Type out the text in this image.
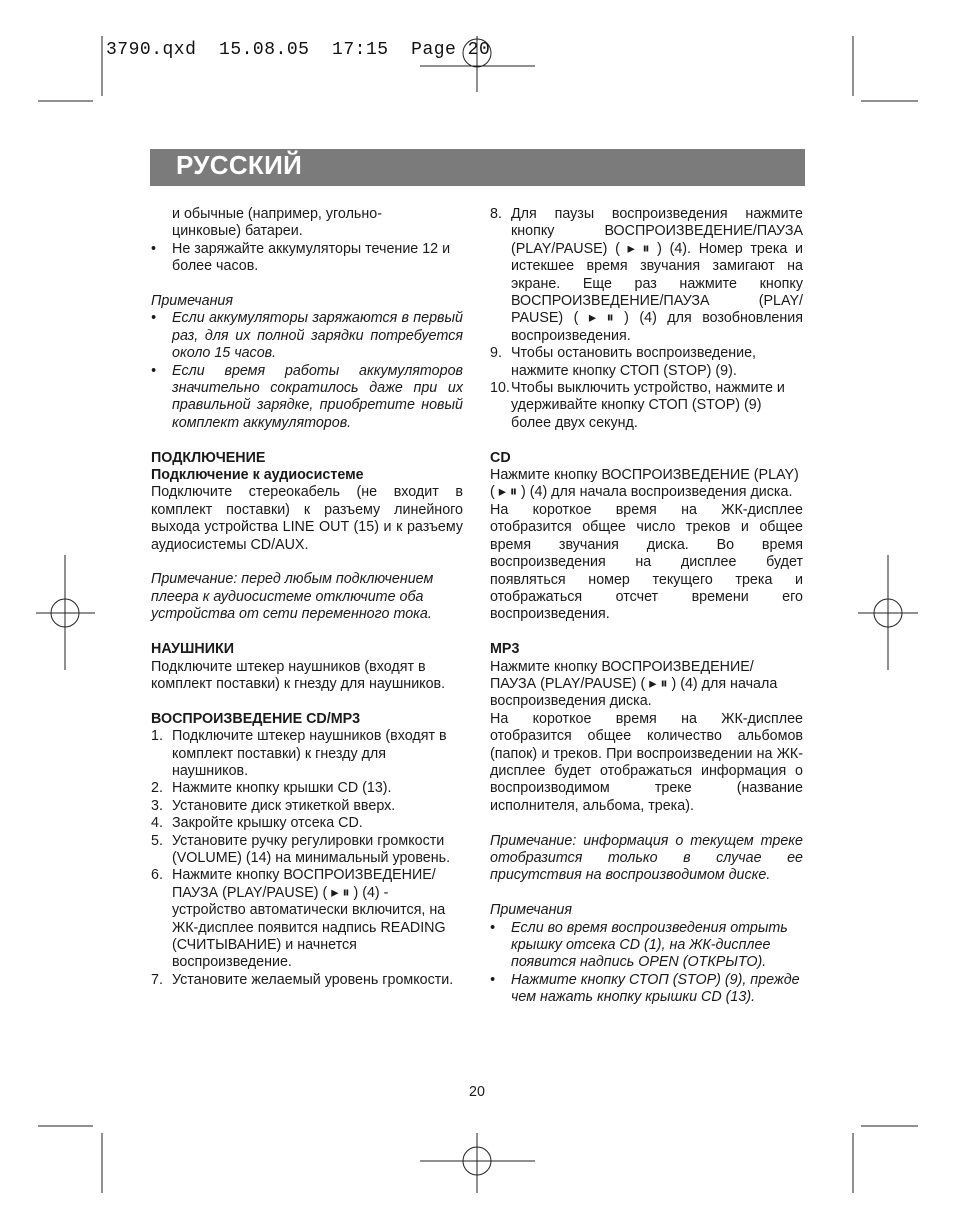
3790.qxd  15.08.05  17:15  Page 20
РУССКИЙ
и обычные (например, угольно-
цинковые) батареи.
•	Не заряжайте аккумуляторы течение 12 и более часов.

Примечания

•	Если аккумуляторы заряжаются в первый раз, для их полной зарядки потребуется около 15 часов.
•	Если время работы аккумуляторов значительно сократилось даже при их правильной зарядке, приобретите новый комплект аккумуляторов.

ПОДКЛЮЧЕНИЕ

Подключение к аудиосистеме

Подключите стереокабель (не входит в комплект поставки) к разъему линейного выхода устройства LINE OUT (15) и к разъему аудиосистемы CD/AUX.

Примечание: перед любым подключением плеера к аудиосистеме отключите оба устройства от сети переменного тока.

НАУШНИКИ

Подключите штекер наушников (входят в комплект поставки) к гнезду для наушников.

ВОСПРОИЗВЕДЕНИЕ CD/MP3

1. Подключите штекер наушников (входят в комплект поставки) к гнезду для наушников.
2. Нажмите кнопку крышки CD (13).
3. Установите диск этикеткой вверх.
4. Закройте крышку отсека CD.
5. Установите ручку регулировки громкости (VOLUME) (14) на минимальный уровень.
6. Нажмите кнопку ВОСПРОИЗВЕДЕНИЕ/ ПАУЗА (PLAY/PAUSE) ( ▸ ⏸ ) (4) - устройство автоматически включится, на ЖК-дисплее появится надпись READING (СЧИТЫВАНИЕ) и начнется воспроизведение.
7. Установите желаемый уровень громкости.
8. Для паузы воспроизведения нажмите кнопку ВОСПРОИЗВЕДЕНИЕ/ПАУЗА (PLAY/PAUSE) ( ▸ ⏸ ) (4). Номер трека и истекшее время звучания замигают на экране. Еще раз нажмите кнопку ВОСПРОИЗВЕДЕНИЕ/ПАУЗА (PLAY/ PAUSE) ( ▸ ⏸ ) (4) для возобновления воспроизведения.
9. Чтобы остановить воспроизведение, нажмите кнопку СТОП (STOP) (9).
10. Чтобы выключить устройство, нажмите и удерживайте кнопку СТОП (STOP) (9) более двух секунд.

CD

Нажмите кнопку ВОСПРОИЗВЕДЕНИЕ (PLAY) ( ▸ ⏸ ) (4) для начала воспроизведения диска.

На короткое время на ЖК-дисплее отобразится общее число треков и общее время звучания диска. Во время воспроизведения на дисплее будет появляться номер текущего трека и отображаться отсчет времени его воспроизведения.

MP3

Нажмите кнопку ВОСПРОИЗВЕДЕНИЕ/ ПАУЗА (PLAY/PAUSE) ( ▸ ⏸ ) (4) для начала воспроизведения диска.

На короткое время на ЖК-дисплее отобразится общее количество альбомов (папок) и треков. При воспроизведении на ЖК-дисплее будет отображаться информация о воспроизводимом треке (название исполнителя, альбома, трека).

Примечание: информация о текущем треке отобразится только в случае ее присутствия на воспроизводимом диске.

Примечания

•	Если во время воспроизведения отрыть крышку отсека CD (1), на ЖК-дисплее появится надпись OPEN (ОТКРЫТО).
•	Нажмите кнопку СТОП (STOP) (9), прежде чем нажать кнопку крышки CD (13).
20
